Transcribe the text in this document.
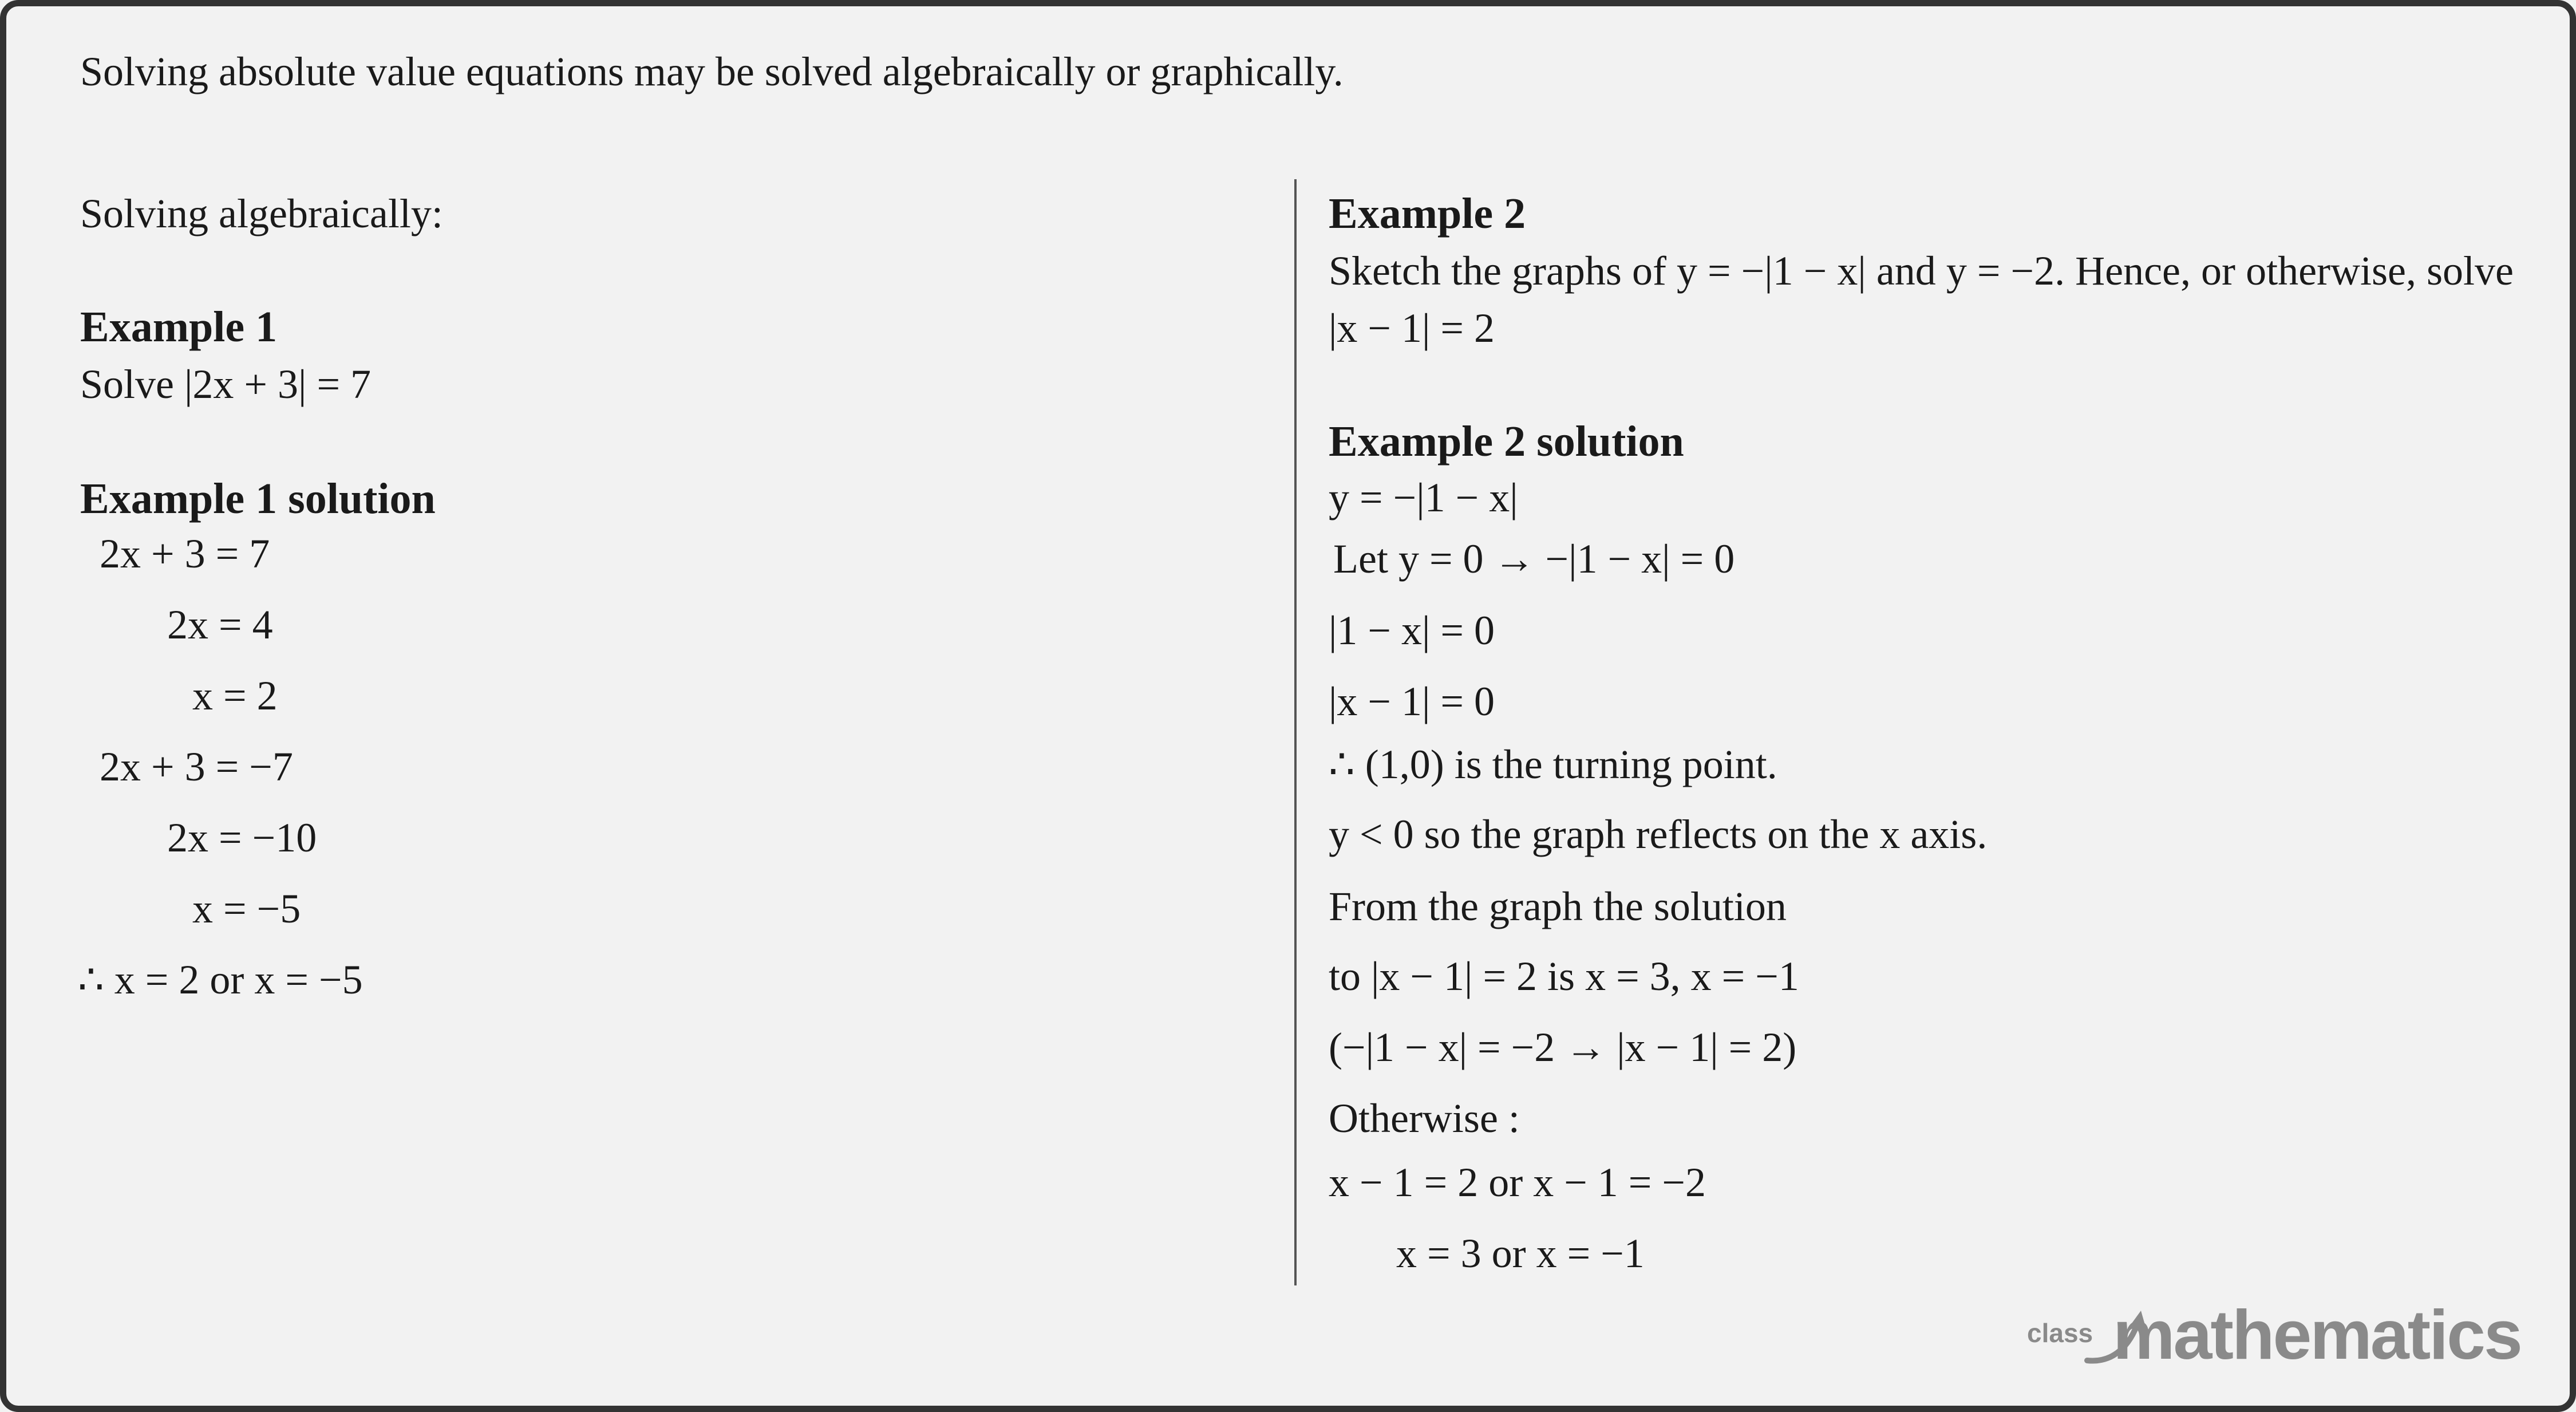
Solving absolute value equations may be solved algebraically or graphically.
Solving algebraically:
Example 1
Solve |2x + 3| = 7
Example 1 solution
2x + 3 = 7
2x = 4
x = 2
2x + 3 = −7
2x = −10
x = −5
∴ x = 2 or x = −5
Example 2
Sketch the graphs of y = −|1 − x| and y = −2. Hence, or otherwise, solve |x − 1| = 2
Example 2 solution
y = −|1 − x|
Let y = 0 → −|1 − x| = 0
|1 − x| = 0
|x − 1| = 0
∴ (1,0) is the turning point.
y < 0 so the graph reflects on the x axis.
From the graph the solution
to |x − 1| = 2 is x = 3, x = −1
(−|1 − x| = −2 → |x − 1| = 2)
Otherwise :
x − 1 = 2 or x − 1 = −2
x = 3 or x = −1
class mathematics
